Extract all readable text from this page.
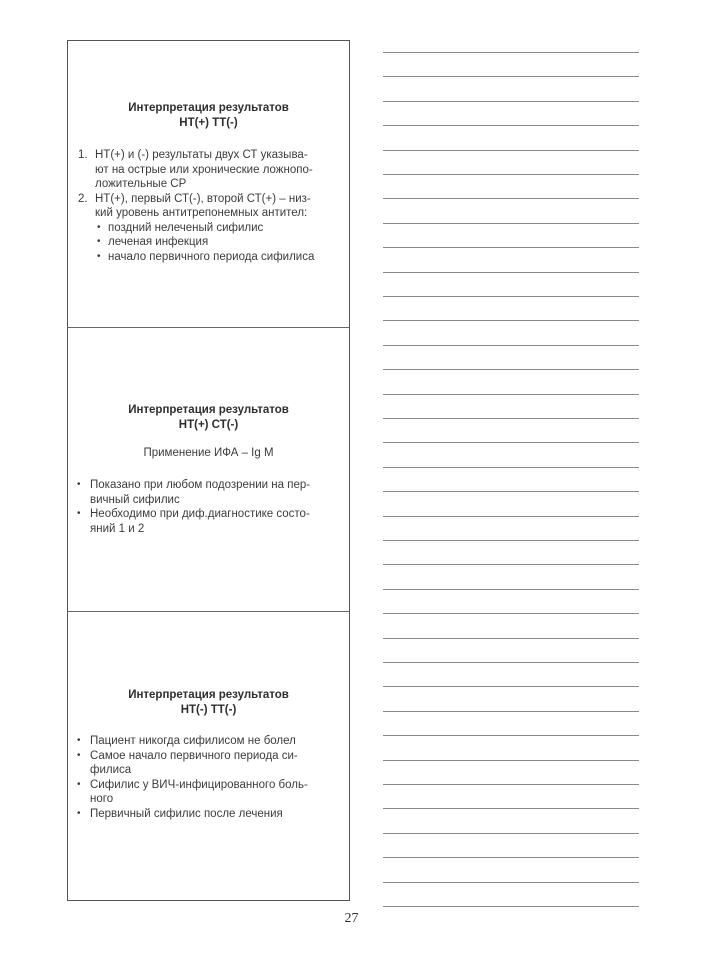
Интерпретация результатов
НТ(+) ТТ(-)
1. НТ(+) и (-) результаты двух СТ указыва-
ют на острые или хронические ложнопо-
ложительные СР
2. НТ(+), первый СТ(-), второй СТ(+) – низ-
кий уровень антитрепонемных антител:
• поздний нелеченый сифилис
• леченая инфекция
• начало первичного периода сифилиса
Интерпретация результатов
НТ(+) СТ(-)
Применение ИФА – Ig M
• Показано при любом подозрении на пер-
вичный сифилис
• Необходимо при диф.диагностике состо-
яний 1 и 2
Интерпретация результатов
НТ(-) ТТ(-)
• Пациент никогда сифилисом не болел
• Самое начало первичного периода си-
филиса
• Сифилис у ВИЧ-инфицированного боль-
ного
• Первичный сифилис после лечения
27
